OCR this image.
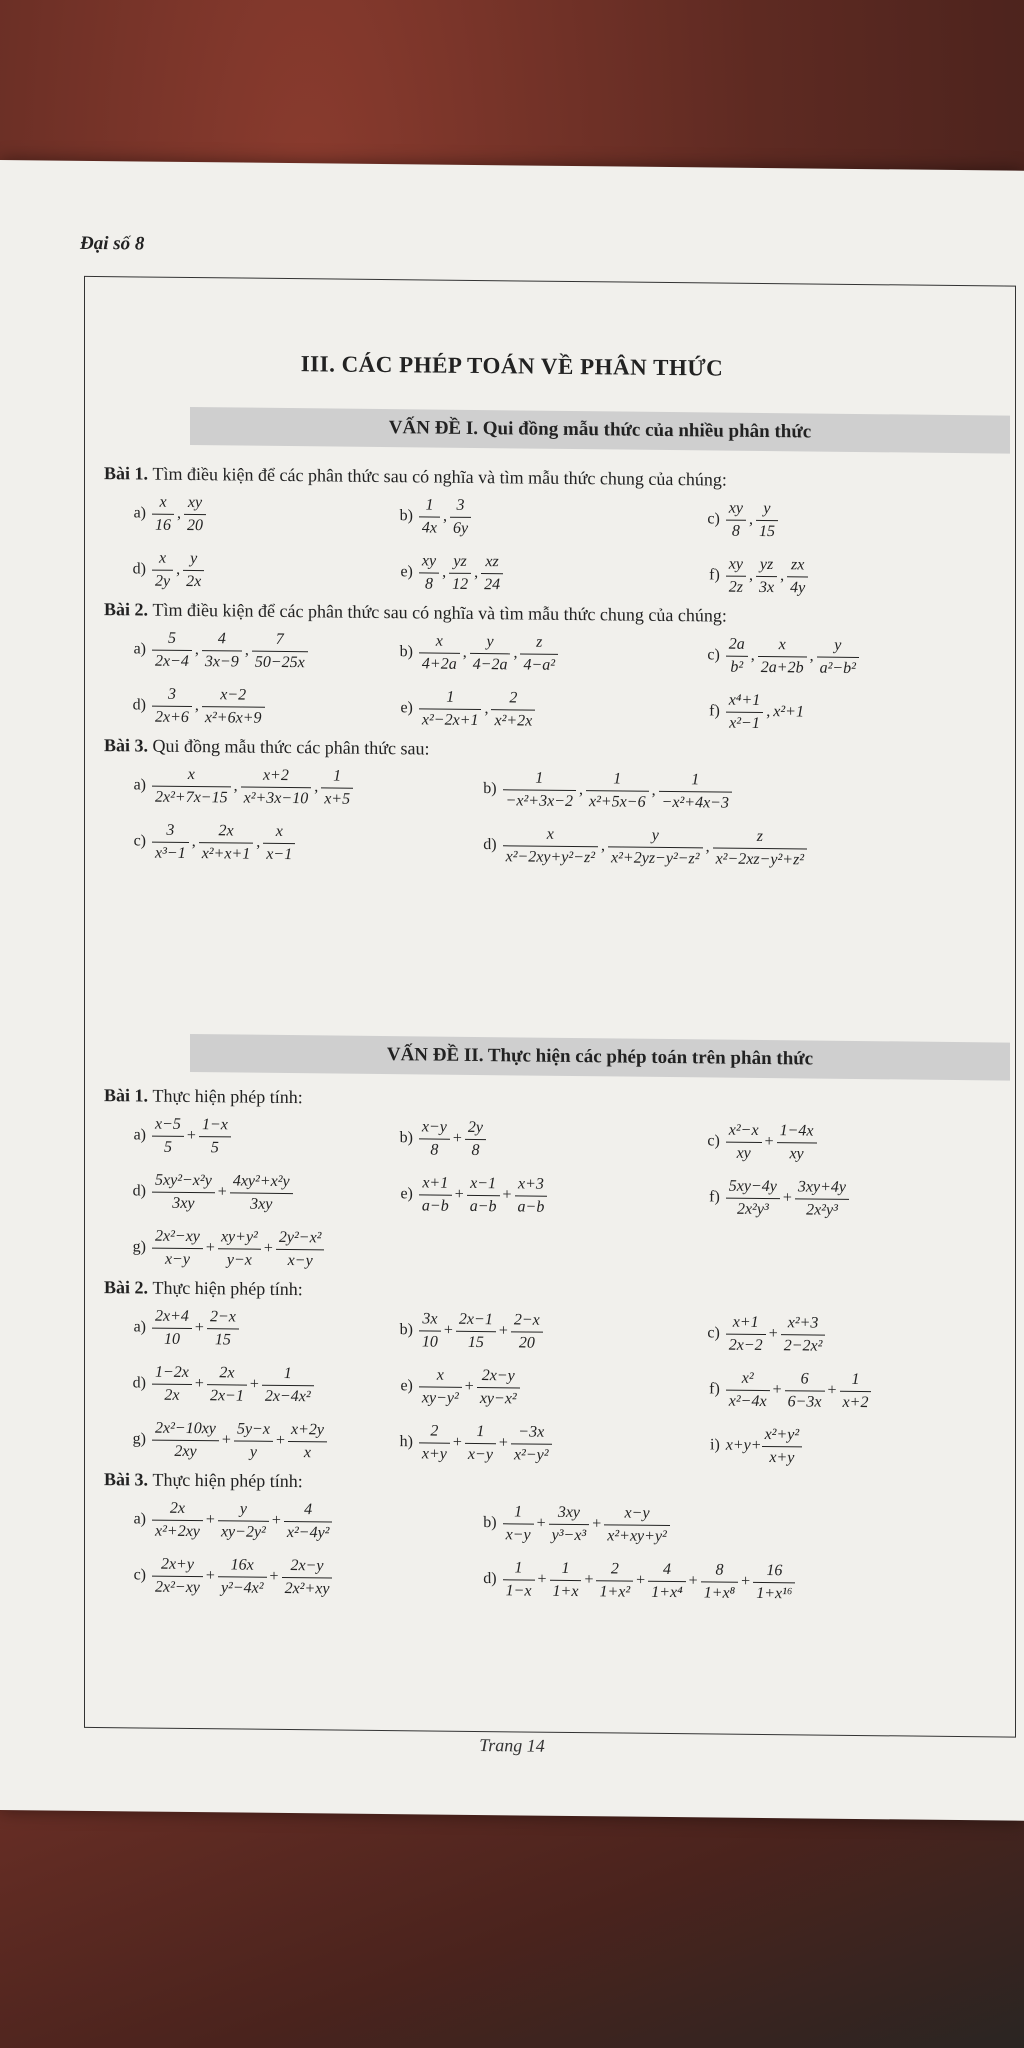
Đại số 8
III. CÁC PHÉP TOÁN VỀ PHÂN THỨC
VẤN ĐỀ I. Qui đồng mẫu thức của nhiều phân thức
Bài 1. Tìm điều kiện để các phân thức sau có nghĩa và tìm mẫu thức chung của chúng:
$a) \frac{x}{16}$ , $\frac{xy}{20}$	$b) \frac{1}{4x}$ , $\frac{3}{6y}$	$c) \frac{xy}{8}$ , $\frac{y}{15}$
$d) \frac{x}{2y}$ , $\frac{y}{2x}$	$e) \frac{xy}{8}$ , $\frac{yz}{12}$ , $\frac{xz}{24}$	$f) \frac{xy}{2z}$ , $\frac{yz}{3x}$ , $\frac{zx}{4y}$
Bài 2. Tìm điều kiện để các phân thức sau có nghĩa và tìm mẫu thức chung của chúng:
$a) \frac{5}{2x-4}$ , $\frac{4}{3x-9}$ , $\frac{7}{50-25x}$	$b) \frac{x}{4+2a}$ , $\frac{y}{4-2a}$ , $\frac{z}{\text{4−a²}}$	$c) \frac{2a}{\text{b²}}$ , $\frac{x}{2a+2b}$ , $\frac{y}{\text{a²−b²}}$
$d) \frac{3}{2x+6}$ , $\frac{x-2}{\text{x²+6x+9}}$	$e) \frac{1}{\text{x²−2x+1}}$ , $\frac{2}{\text{x²+2x}}$	$f) \frac{\text{x⁴+1}}{\text{x²−1}}$ , x²+1
Bài 3. Qui đồng mẫu thức các phân thức sau:
$a) \frac{x}{\text{2x²+7x−15}}$ , $\frac{x+2}{\text{x²+3x−10}}$ , $\frac{1}{x+5}$	$b) \frac{1}{\text{−x²+3x−2}}$ , $\frac{1}{\text{x²+5x−6}}$ , $\frac{1}{\text{−x²+4x−3}}$
$c) \frac{3}{\text{x³−1}}$ , $\frac{2x}{\text{x²+x+1}}$ , $\frac{x}{x-1}$	$d) \frac{x}{\text{x²−2xy+y²−z²}}$ , $\frac{y}{\text{x²+2yz−y²−z²}}$ , $\frac{z}{\text{x²−2xz−y²+z²}}$
VẤN ĐỀ II. Thực hiện các phép toán trên phân thức
Bài 1. Thực hiện phép tính:
$a) \frac{x-5}{5} + \frac{1-x}{5}$	$b) \frac{x-y}{8} + \frac{2y}{8}$	$c) \frac{\text{x²−x}}{xy} + \frac{1-4x}{xy}$
$d) \frac{\text{5xy²−x²y}}{3xy} + \frac{\text{4xy²+x²y}}{3xy}$	$e) \frac{x+1}{a-b} + \frac{x-1}{a-b} + \frac{x+3}{a-b}$	$f) \frac{5xy-4y}{\text{2x²y³}} + \frac{3xy+4y}{\text{2x²y³}}$
$g) \frac{\text{2x²−xy}}{x-y} + \frac{\text{xy+y²}}{y-x} + \frac{\text{2y²−x²}}{x-y}$
Bài 2. Thực hiện phép tính:
$a) \frac{2x+4}{10} + \frac{2-x}{15}$	$b) \frac{3x}{10} + \frac{2x-1}{15} + \frac{2-x}{20}$	$c) \frac{x+1}{2x-2} + \frac{\text{x²+3}}{\text{2−2x²}}$
$d) \frac{1-2x}{2x} + \frac{2x}{2x-1} + \frac{1}{\text{2x−4x²}}$	$e) \frac{x}{\text{xy−y²}} + \frac{2x-y}{\text{xy−x²}}$	$f) \frac{\text{x²}}{\text{x²−4x}} + \frac{6}{6-3x} + \frac{1}{x+2}$
$g) \frac{\text{2x²−10xy}}{2xy} + \frac{5y-x}{y} + \frac{x+2y}{x}$	$h) \frac{2}{x+y} + \frac{1}{x-y} + \frac{-3x}{\text{x²−y²}}$	i) $x+y+ \frac{\text{x²+y²}}{x+y}$
Bài 3. Thực hiện phép tính:
$a) \frac{2x}{\text{x²+2xy}} + \frac{y}{\text{xy−2y²}} + \frac{4}{\text{x²−4y²}}$	$b) \frac{1}{x-y} + \frac{3xy}{\text{y³−x³}} + \frac{x-y}{\text{x²+xy+y²}}$
$c) \frac{2x+y}{\text{2x²−xy}} + \frac{16x}{\text{y²−4x²}} + \frac{2x-y}{\text{2x²+xy}}$	$d) \frac{1}{1-x} + \frac{1}{1+x} + \frac{2}{\text{1+x²}} + \frac{4}{\text{1+x⁴}} + \frac{8}{\text{1+x⁸}} + \frac{16}{\text{1+x¹⁶}}$
Trang 14
